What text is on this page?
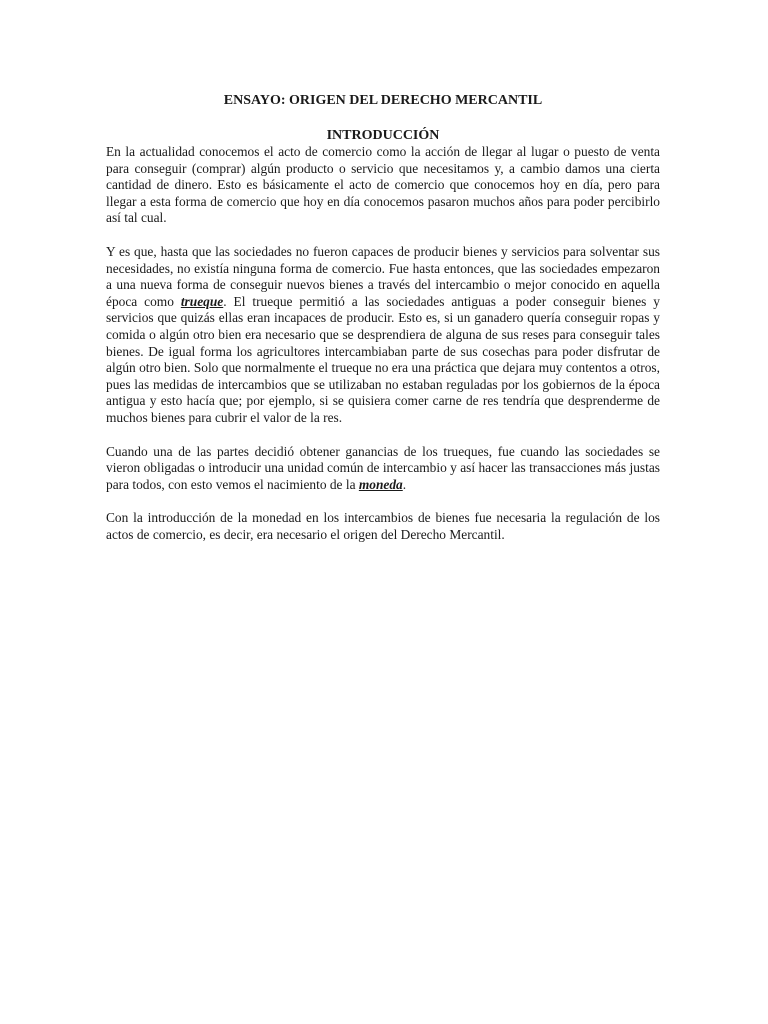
ENSAYO: ORIGEN DEL DERECHO MERCANTIL
INTRODUCCIÓN

En la actualidad conocemos el acto de comercio como la acción de llegar al lugar o puesto de venta para conseguir (comprar) algún producto o servicio que necesitamos y, a cambio damos una cierta cantidad de dinero. Esto es básicamente el acto de comercio que conocemos hoy en día, pero para llegar a esta forma de comercio que hoy en día conocemos pasaron muchos años para poder percibirlo así tal cual.

Y es que, hasta que las sociedades no fueron capaces de producir bienes y servicios para solventar sus necesidades, no existía ninguna forma de comercio. Fue hasta entonces, que las sociedades empezaron a una nueva forma de conseguir nuevos bienes a través del intercambio o mejor conocido en aquella época como trueque. El trueque permitió a las sociedades antiguas a poder conseguir bienes y servicios que quizás ellas eran incapaces de producir. Esto es, si un ganadero quería conseguir ropas y comida o algún otro bien era necesario que se desprendiera de alguna de sus reses para conseguir tales bienes. De igual forma los agricultores intercambiaban parte de sus cosechas para poder disfrutar de algún otro bien. Solo que normalmente el trueque no era una práctica que dejara muy contentos a otros, pues las medidas de intercambios que se utilizaban no estaban reguladas por los gobiernos de la época antigua y esto hacía que; por ejemplo, si se quisiera comer carne de res tendría que desprenderme de muchos bienes para cubrir el valor de la res.

Cuando una de las partes decidió obtener ganancias de los trueques, fue cuando las sociedades se vieron obligadas o introducir una unidad común de intercambio y así hacer las transacciones más justas para todos, con esto vemos el nacimiento de la moneda.

Con la introducción de la monedad en los intercambios de bienes fue necesaria la regulación de los actos de comercio, es decir, era necesario el origen del Derecho Mercantil.
